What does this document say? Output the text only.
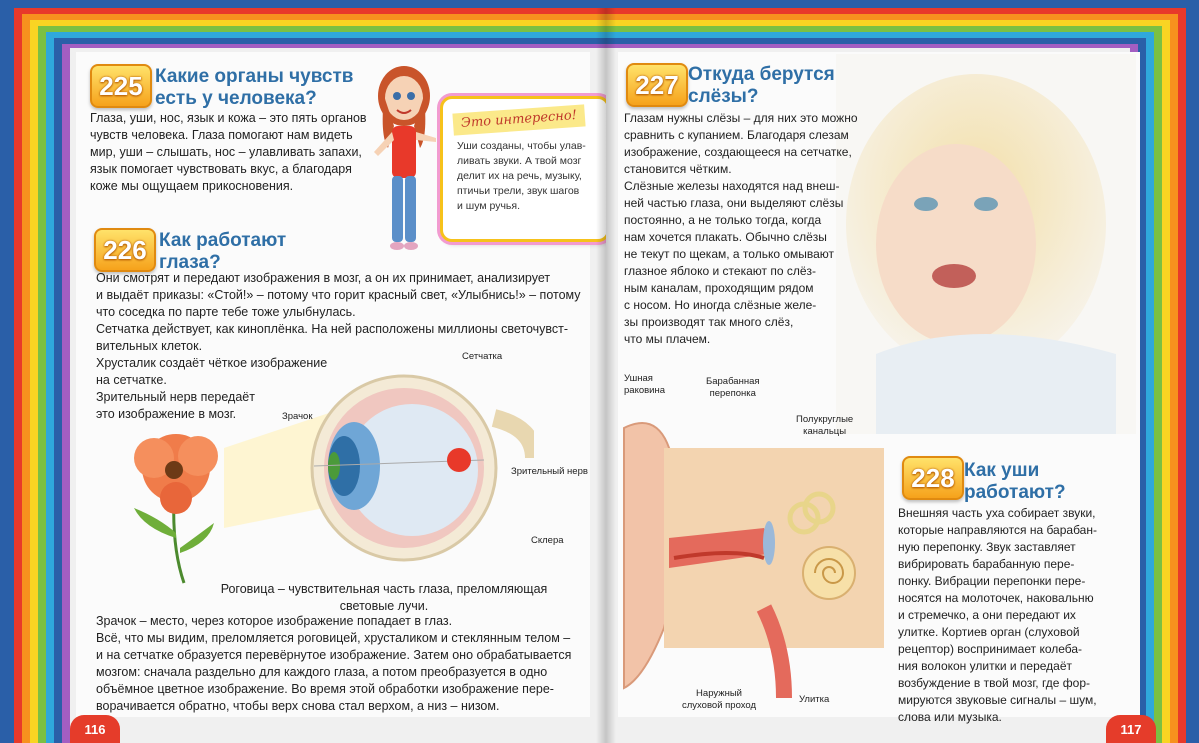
225 Какие органы чувств
есть у человека?
Глаза, уши, нос, язык и кожа – это пять органов
чувств человека. Глаза помогают нам видеть
мир, уши – слышать, нос – улавливать запахи,
язык помогает чувствовать вкус, а благодаря
коже мы ощущаем прикосновения.
Это интересно!
Уши созданы, чтобы улав-
ливать звуки. А твой мозг
делит их на речь, музыку,
птичьи трели, звук шагов
и шум ручья.
226 Как работают
глаза?
Они смотрят и передают изображения в мозг, а он их принимает, анализирует
и выдаёт приказы: «Стой!» – потому что горит красный свет, «Улыбнись!» – потому
что соседка по парте тебе тоже улыбнулась.
Сетчатка действует, как киноплёнка. На ней расположены миллионы светочувст-
вительных клеток.
Хрусталик создаёт чёткое изображение
на сетчатке.
Зрительный нерв передаёт
это изображение в мозг.
Сетчатка
Зрачок
Зрительный нерв
Склера
Роговица – чувствительная часть глаза, преломляющая
световые лучи.
Зрачок – место, через которое изображение попадает в глаз.
Всё, что мы видим, преломляется роговицей, хрусталиком и стеклянным телом –
и на сетчатке образуется перевёрнутое изображение. Затем оно обрабатывается
мозгом: сначала раздельно для каждого глаза, а потом преобразуется в одно
объёмное цветное изображение. Во время этой обработки изображение пере-
ворачивается обратно, чтобы верх снова стал верхом, а низ – низом.
116
227 Откуда берутся
слёзы?
Глазам нужны слёзы – для них это можно
сравнить с купанием. Благодаря слезам
изображение, создающееся на сетчатке,
становится чётким.
Слёзные железы находятся над внеш-
ней частью глаза, они выделяют слёзы
постоянно, а не только тогда, когда
нам хочется плакать. Обычно слёзы
не текут по щекам, а только омывают
глазное яблоко и стекают по слёз-
ным каналам, проходящим рядом
с носом. Но иногда слёзные желе-
зы производят так много слёз,
что мы плачем.
Ушная
раковина
Барабанная
перепонка
Полукруглые
канальцы
Наружный
слуховой проход
Улитка
228 Как уши
работают?
Внешняя часть уха собирает звуки,
которые направляются на барабан-
ную перепонку. Звук заставляет
вибрировать барабанную пере-
понку. Вибрации перепонки пере-
носятся на молоточек, наковальню
и стремечко, а они передают их
улитке. Кортиев орган (слуховой
рецептор) воспринимает колеба-
ния волокон улитки и передаёт
возбуждение в твой мозг, где фор-
мируются звуковые сигналы – шум,
слова или музыка.
117
